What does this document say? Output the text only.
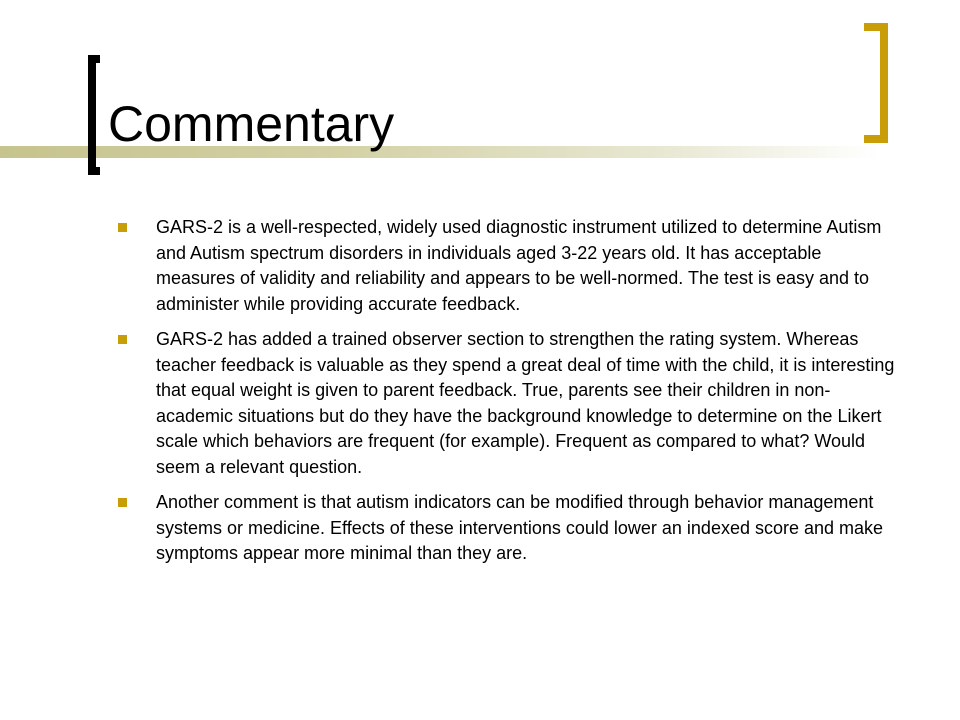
Commentary
GARS-2 is a well-respected, widely used diagnostic instrument utilized to determine Autism and Autism spectrum disorders in individuals aged 3-22 years old. It has acceptable measures of validity and reliability and appears to be well-normed. The test is easy and to administer while providing accurate feedback.
GARS-2 has added a trained observer section to strengthen the rating system. Whereas teacher feedback is valuable as they spend a great deal of time with the child, it is interesting that equal weight is given to parent feedback. True, parents see their children in non-academic situations but do they have the background knowledge to determine on the Likert scale which behaviors are frequent (for example). Frequent as compared to what? Would seem a relevant question.
Another comment is that autism indicators can be modified through behavior management systems or medicine. Effects of these interventions could lower an indexed score and make symptoms appear more minimal than they are.
